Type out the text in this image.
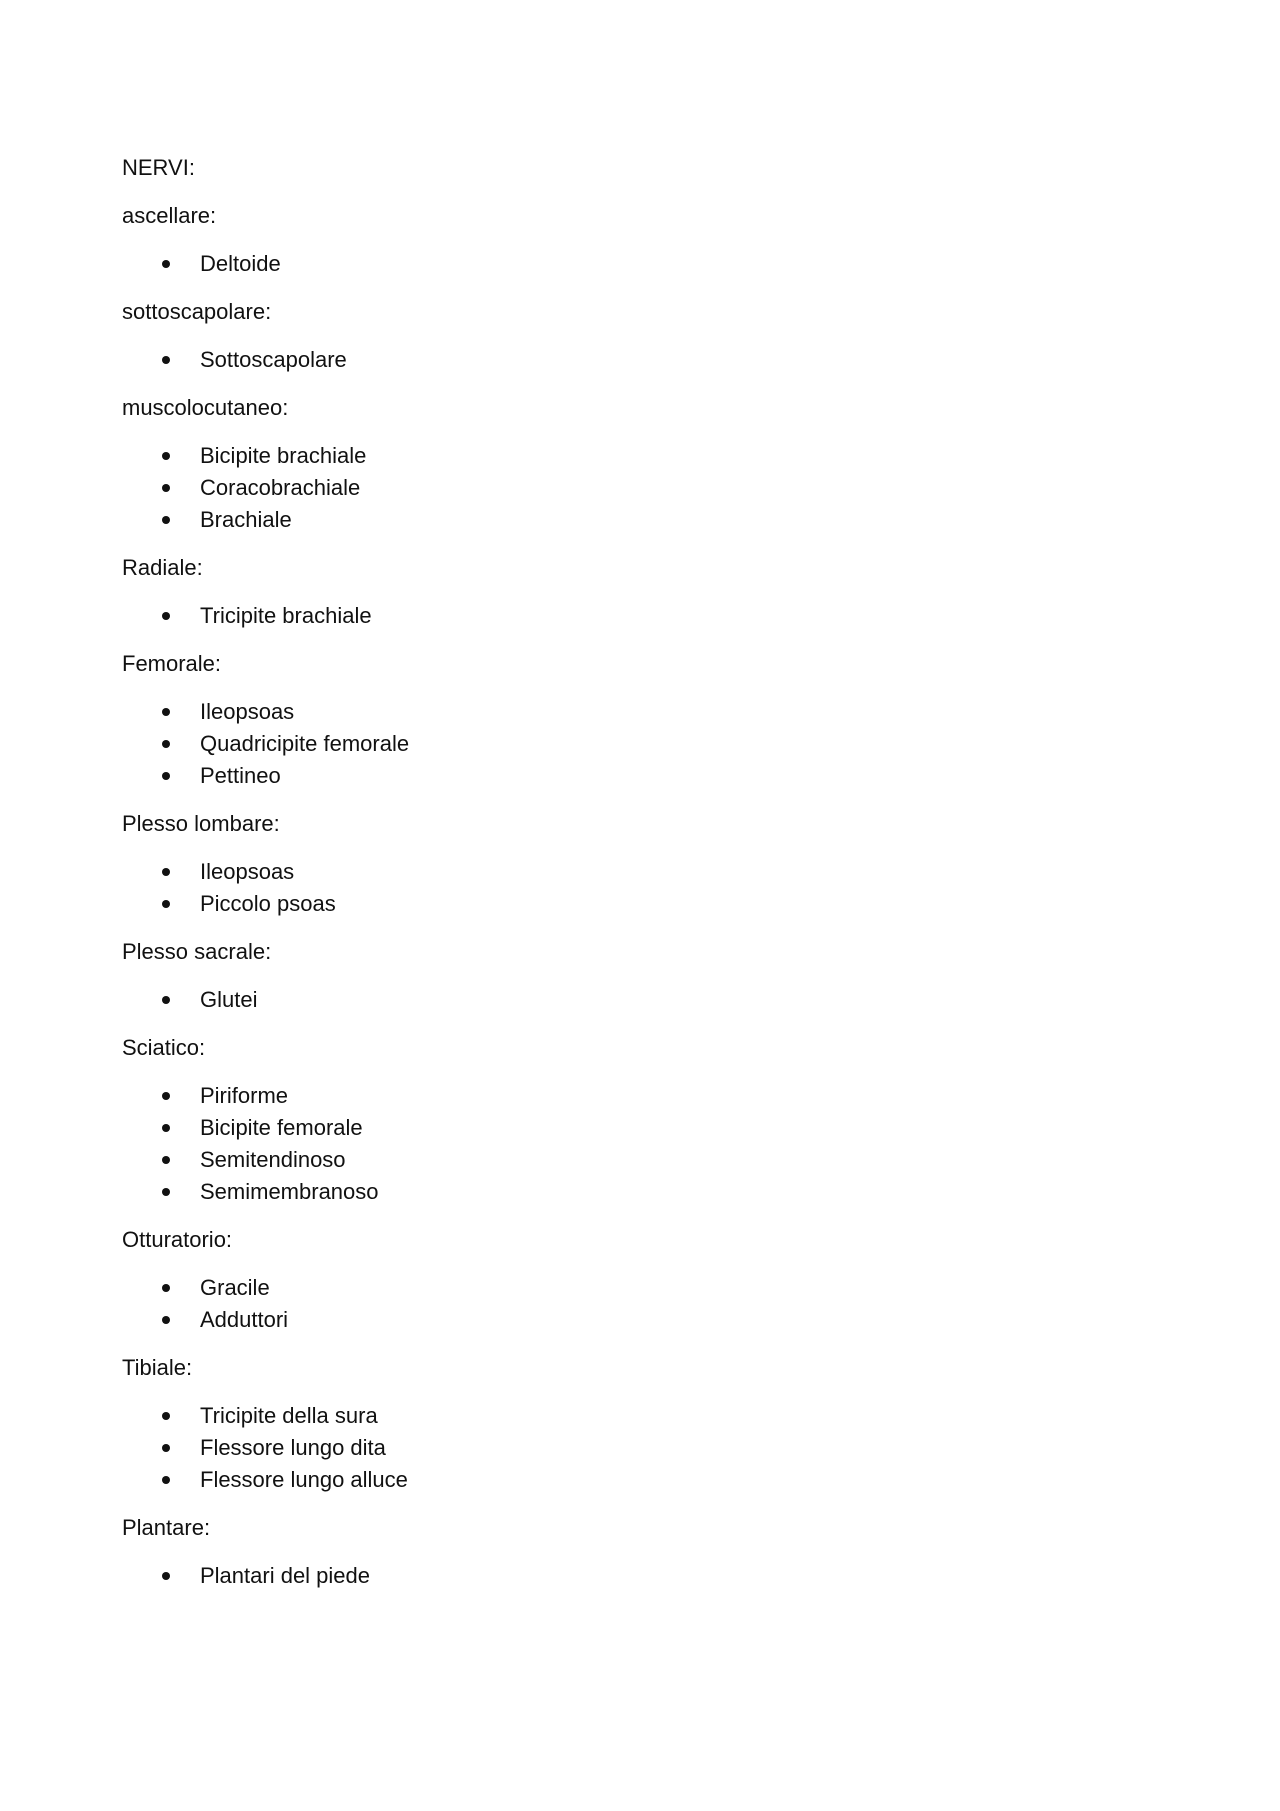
NERVI:
ascellare:
Deltoide
sottoscapolare:
Sottoscapolare
muscolocutaneo:
Bicipite brachiale
Coracobrachiale
Brachiale
Radiale:
Tricipite brachiale
Femorale:
Ileopsoas
Quadricipite femorale
Pettineo
Plesso lombare:
Ileopsoas
Piccolo psoas
Plesso sacrale:
Glutei
Sciatico:
Piriforme
Bicipite femorale
Semitendinoso
Semimembranoso
Otturatorio:
Gracile
Adduttori
Tibiale:
Tricipite della sura
Flessore lungo dita
Flessore lungo alluce
Plantare:
Plantari del piede
